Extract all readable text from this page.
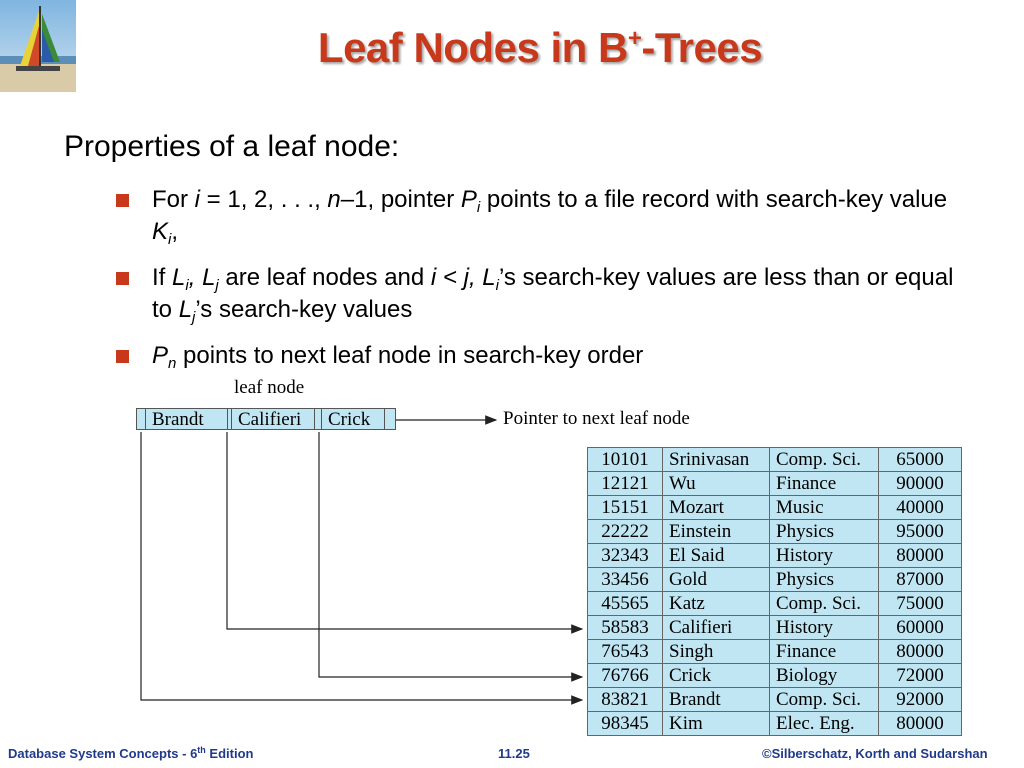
Leaf Nodes in B+-Trees
Properties of a leaf node:
For i = 1, 2, . . ., n–1, pointer $P_i$ points to a file record with search-key value $K_i$,
If $L_i$, $L_j$ are leaf nodes and i < j, $L_i’s$ search-key values are less than or equal to $L_j’s$ search-key values
$P_n$ points to next leaf node in search-key order
leaf node
Pointer to next leaf node
Brandt	Califieri	Crick
10101	Srinivasan	Comp. Sci.	65000
12121	Wu	Finance	90000
15151	Mozart	Music	40000
22222	Einstein	Physics	95000
32343	El Said	History	80000
33456	Gold	Physics	87000
45565	Katz	Comp. Sci.	75000
58583	Califieri	History	60000
76543	Singh	Finance	80000
76766	Crick	Biology	72000
83821	Brandt	Comp. Sci.	92000
98345	Kim	Elec. Eng.	80000
Database System Concepts - 6th Edition	11.25	©Silberschatz, Korth and Sudarshan
